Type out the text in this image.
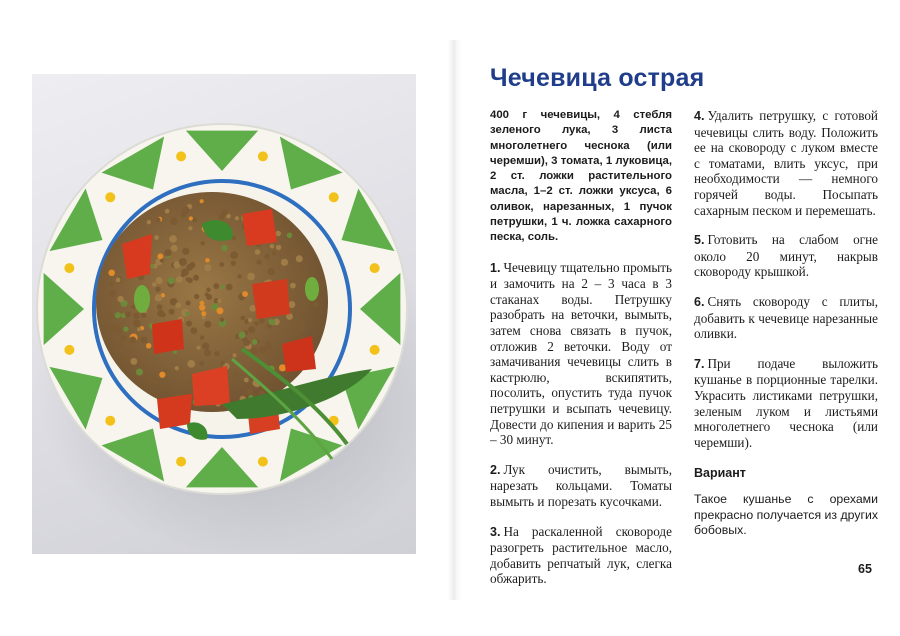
Чечевица острая

400 г чечевицы, 4 стебля зеленого лука, 3 листа многолетнего чеснока (или черемши), 3 томата, 1 луковица, 2 ст. ложки растительного масла, 1–2 ст. ложки уксуса, 6 оливок, нарезанных, 1 пучок петрушки, 1 ч. ложка сахарного песка, соль.

1. Чечевицу тщательно промыть и замочить на 2 – 3 часа в 3 стаканах воды. Петрушку разобрать на веточки, вымыть, затем снова связать в пучок, отложив 2 веточки. Воду от замачивания чечевицы слить в кастрюлю, вскипятить, посолить, опустить туда пучок петрушки и всыпать чечевицу. Довести до кипения и варить 25 – 30 минут.

2. Лук очистить, вымыть, нарезать кольцами. Томаты вымыть и порезать кусочками.

3. На раскаленной сковороде разогреть растительное масло, добавить репчатый лук, слегка обжарить.

4. Удалить петрушку, с готовой чечевицы слить воду. Положить ее на сковороду с луком вместе с томатами, влить уксус, при необходимости — немного горячей воды. Посыпать сахарным песком и перемешать.

5. Готовить на слабом огне около 20 минут, накрыв сковороду крышкой.

6. Снять сковороду с плиты, добавить к чечевице нарезанные оливки.

7. При подаче выложить кушанье в порционные тарелки. Украсить листиками петрушки, зеленым луком и листьями многолетнего чеснока (или черемши).

Вариант

Такое кушанье с орехами прекрасно получается из других бобовых.

65
